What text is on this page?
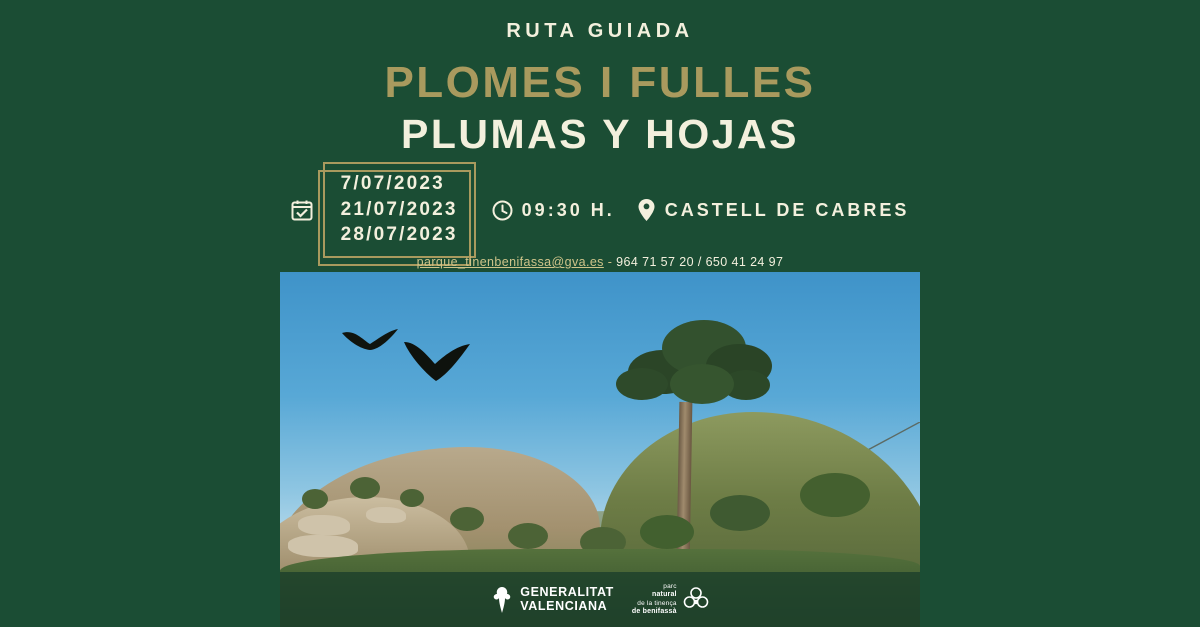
RUTA GUIADA
PLOMES I FULLES
PLUMAS Y HOJAS
7/07/2023
21/07/2023
28/07/2023
09:30 H.	CASTELL DE CABRES
parque_tinenbenifassa@gva.es - 964 71 57 20 / 650 41 24 97
GENERALITAT
VALENCIANA
parc
natural
de la tinença
de benifassà
